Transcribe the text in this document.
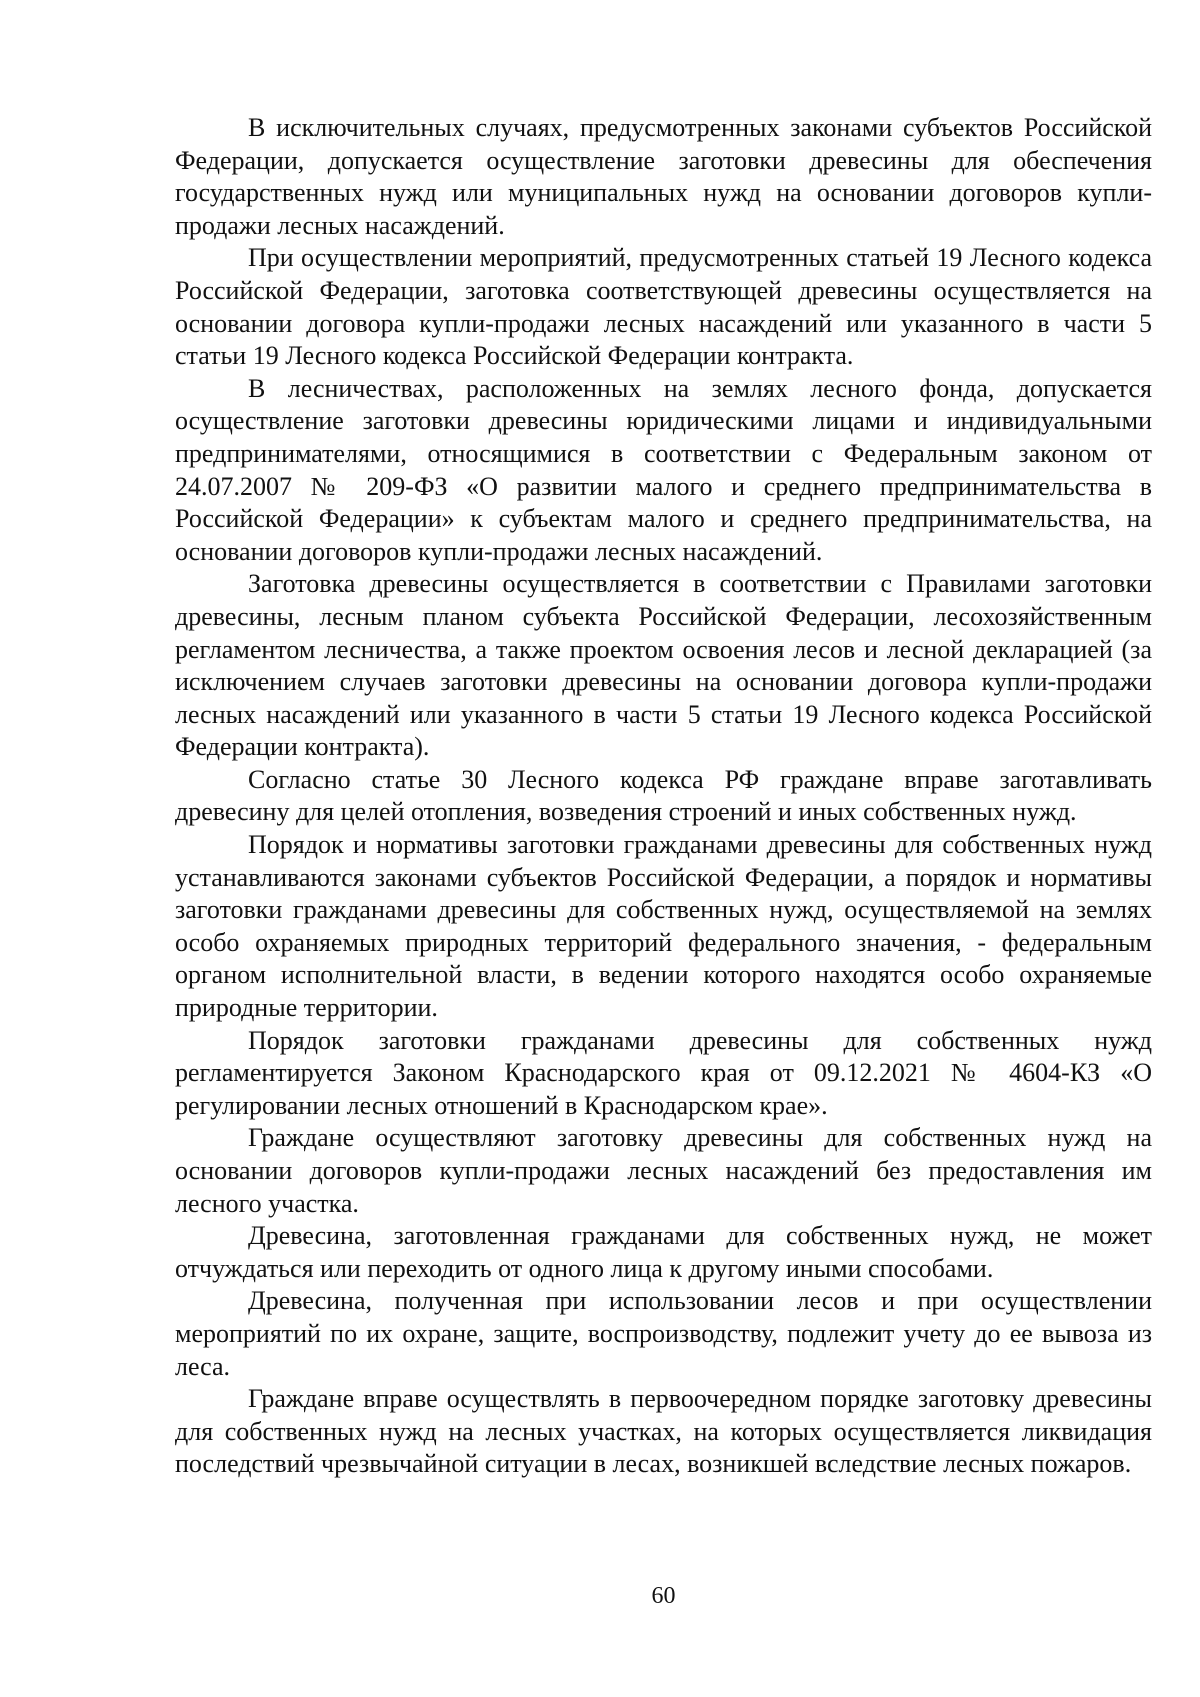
В исключительных случаях, предусмотренных законами субъектов Российской Федерации, допускается осуществление заготовки древесины для обеспечения государственных нужд или муниципальных нужд на основании договоров купли-продажи лесных насаждений.

При осуществлении мероприятий, предусмотренных статьей 19 Лесного кодекса Российской Федерации, заготовка соответствующей древесины осуществляется на основании договора купли-продажи лесных насаждений или указанного в части 5 статьи 19 Лесного кодекса Российской Федерации контракта.

В лесничествах, расположенных на землях лесного фонда, допускается осуществление заготовки древесины юридическими лицами и индивидуальными предпринимателями, относящимися в соответствии с Федеральным законом от 24.07.2007 № 209-ФЗ «О развитии малого и среднего предпринимательства в Российской Федерации» к субъектам малого и среднего предпринимательства, на основании договоров купли-продажи лесных насаждений.

Заготовка древесины осуществляется в соответствии с Правилами заготовки древесины, лесным планом субъекта Российской Федерации, лесохозяйственным регламентом лесничества, а также проектом освоения лесов и лесной декларацией (за исключением случаев заготовки древесины на основании договора купли-продажи лесных насаждений или указанного в части 5 статьи 19 Лесного кодекса Российской Федерации контракта).

Согласно статье 30 Лесного кодекса РФ граждане вправе заготавливать древесину для целей отопления, возведения строений и иных собственных нужд.

Порядок и нормативы заготовки гражданами древесины для собственных нужд устанавливаются законами субъектов Российской Федерации, а порядок и нормативы заготовки гражданами древесины для собственных нужд, осуществляемой на землях особо охраняемых природных территорий федерального значения, - федеральным органом исполнительной власти, в ведении которого находятся особо охраняемые природные территории.

Порядок заготовки гражданами древесины для собственных нужд регламентируется Законом Краснодарского края от 09.12.2021 № 4604-КЗ «О регулировании лесных отношений в Краснодарском крае».

Граждане осуществляют заготовку древесины для собственных нужд на основании договоров купли-продажи лесных насаждений без предоставления им лесного участка.

Древесина, заготовленная гражданами для собственных нужд, не может отчуждаться или переходить от одного лица к другому иными способами.

Древесина, полученная при использовании лесов и при осуществлении мероприятий по их охране, защите, воспроизводству, подлежит учету до ее вывоза из леса.

Граждане вправе осуществлять в первоочередном порядке заготовку древесины для собственных нужд на лесных участках, на которых осуществляется ликвидация последствий чрезвычайной ситуации в лесах, возникшей вследствие лесных пожаров.

60
